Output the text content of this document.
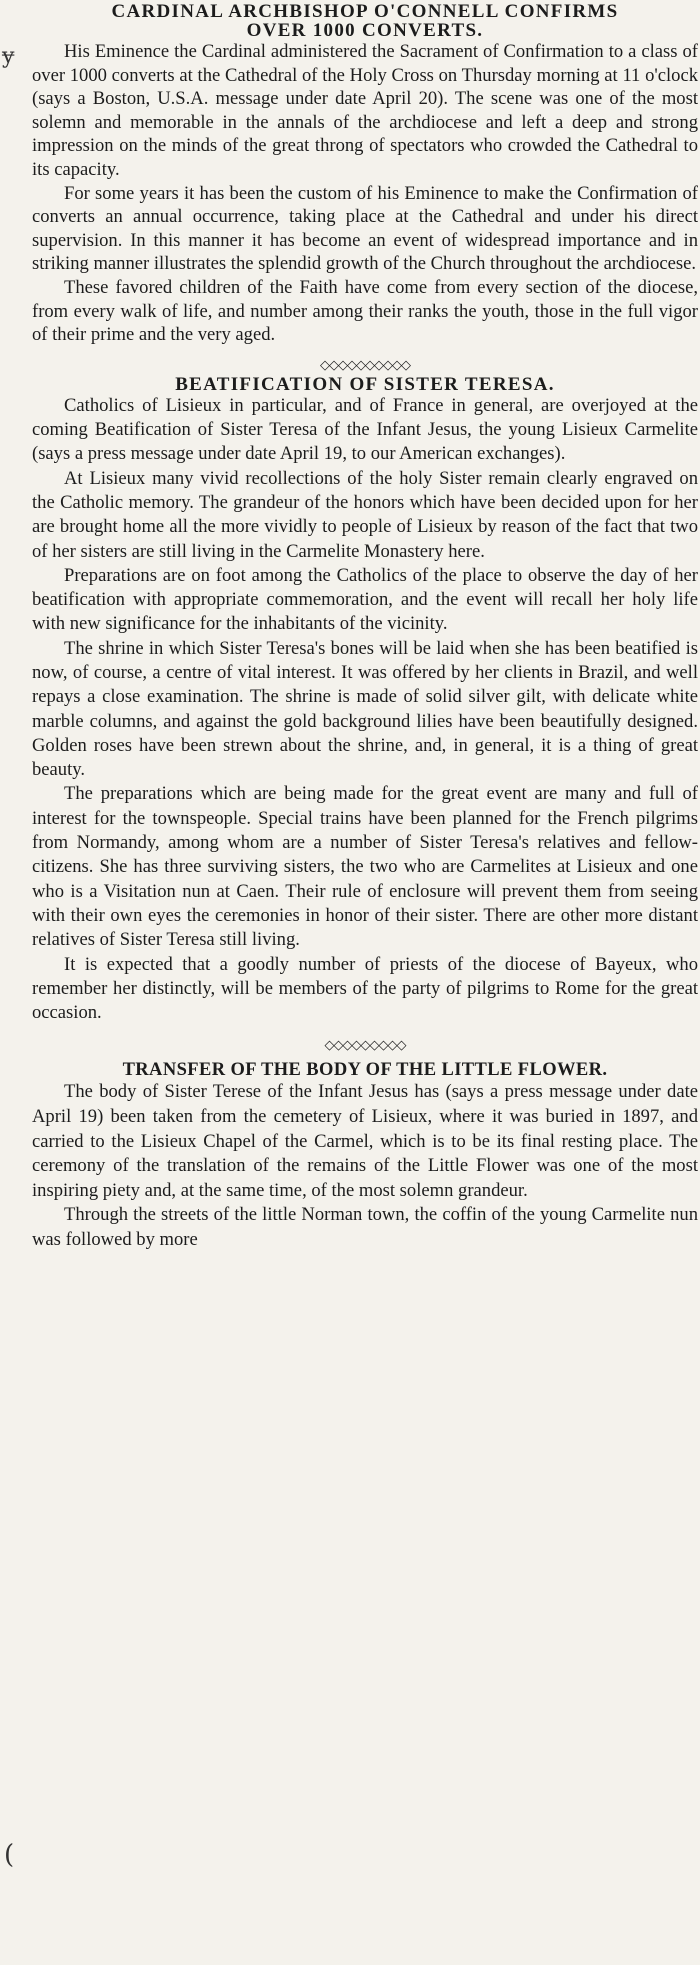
ɏ
(
CARDINAL ARCHBISHOP O'CONNELL CONFIRMS
OVER 1000 CONVERTS.

His Eminence the Cardinal administered the Sacrament of Confirmation to a class of over 1000 converts at the Cathedral of the Holy Cross on Thursday morning at 11 o'clock (says a Boston, U.S.A. message under date April 20). The scene was one of the most solemn and memorable in the annals of the archdiocese and left a deep and strong impression on the minds of the great throng of spectators who crowded the Cathedral to its capacity.

For some years it has been the custom of his Eminence to make the Confirmation of converts an annual occurrence, taking place at the Cathedral and under his direct supervision. In this manner it has become an event of widespread importance and in striking manner illustrates the splendid growth of the Church throughout the archdiocese.

These favored children of the Faith have come from every section of the diocese, from every walk of life, and number among their ranks the youth, those in the full vigor of their prime and the very aged.

◇◇◇◇◇◇◇◇◇◇
BEATIFICATION OF SISTER TERESA.

Catholics of Lisieux in particular, and of France in general, are overjoyed at the coming Beatification of Sister Teresa of the Infant Jesus, the young Lisieux Carmelite (says a press message under date April 19, to our American exchanges).

At Lisieux many vivid recollections of the holy Sister remain clearly engraved on the Catholic memory. The grandeur of the honors which have been decided upon for her are brought home all the more vividly to people of Lisieux by reason of the fact that two of her sisters are still living in the Carmelite Monastery here.

Preparations are on foot among the Catholics of the place to observe the day of her beatification with appropriate commemoration, and the event will recall her holy life with new significance for the inhabitants of the vicinity.

The shrine in which Sister Teresa's bones will be laid when she has been beatified is now, of course, a centre of vital interest. It was offered by her clients in Brazil, and well repays a close examination. The shrine is made of solid silver gilt, with delicate white marble columns, and against the gold background lilies have been beautifully designed. Golden roses have been strewn about the shrine, and, in general, it is a thing of great beauty.

The preparations which are being made for the great event are many and full of interest for the townspeople. Special trains have been planned for the French pilgrims from Normandy, among whom are a number of Sister Teresa's relatives and fellow-citizens. She has three surviving sisters, the two who are Carmelites at Lisieux and one who is a Visitation nun at Caen. Their rule of enclosure will prevent them from seeing with their own eyes the ceremonies in honor of their sister. There are other more distant relatives of Sister Teresa still living.

It is expected that a goodly number of priests of the diocese of Bayeux, who remember her distinctly, will be members of the party of pilgrims to Rome for the great occasion.

◇◇◇◇◇◇◇◇◇
TRANSFER OF THE BODY OF THE LITTLE FLOWER.

The body of Sister Terese of the Infant Jesus has (says a press message under date April 19) been taken from the cemetery of Lisieux, where it was buried in 1897, and carried to the Lisieux Chapel of the Carmel, which is to be its final resting place. The ceremony of the translation of the remains of the Little Flower was one of the most inspiring piety and, at the same time, of the most solemn grandeur.

Through the streets of the little Norman town, the coffin of the young Carmelite nun was followed by more
